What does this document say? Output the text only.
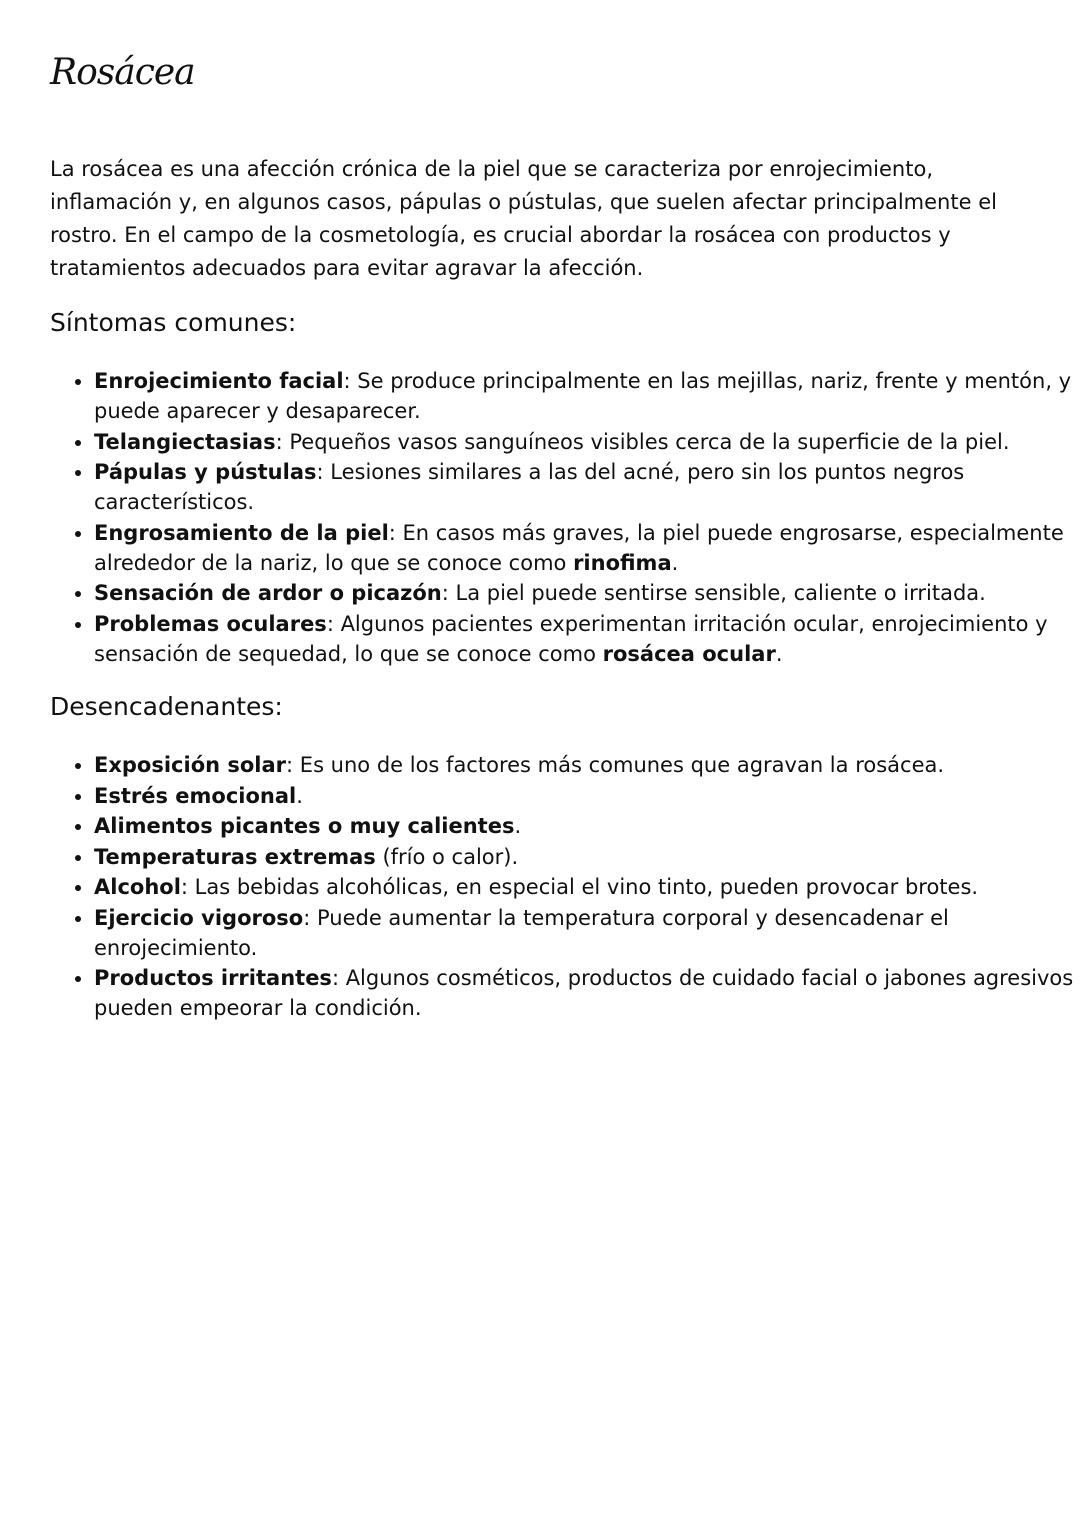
Rosácea

La rosácea es una afección crónica de la piel que se caracteriza por enrojecimiento, inflamación y, en algunos casos, pápulas o pústulas, que suelen afectar principalmente el rostro. En el campo de la cosmetología, es crucial abordar la rosácea con productos y tratamientos adecuados para evitar agravar la afección.

Síntomas comunes:
• Enrojecimiento facial: Se produce principalmente en las mejillas, nariz, frente y mentón, y puede aparecer y desaparecer.
• Telangiectasias: Pequeños vasos sanguíneos visibles cerca de la superficie de la piel.
• Pápulas y pústulas: Lesiones similares a las del acné, pero sin los puntos negros característicos.
• Engrosamiento de la piel: En casos más graves, la piel puede engrosarse, especialmente alrededor de la nariz, lo que se conoce como rinofima.
• Sensación de ardor o picazón: La piel puede sentirse sensible, caliente o irritada.
• Problemas oculares: Algunos pacientes experimentan irritación ocular, enrojecimiento y sensación de sequedad, lo que se conoce como rosácea ocular.
Desencadenantes:
• Exposición solar: Es uno de los factores más comunes que agravan la rosácea.
• Estrés emocional.
• Alimentos picantes o muy calientes.
• Temperaturas extremas (frío o calor).
• Alcohol: Las bebidas alcohólicas, en especial el vino tinto, pueden provocar brotes.
• Ejercicio vigoroso: Puede aumentar la temperatura corporal y desencadenar el enrojecimiento.
• Productos irritantes: Algunos cosméticos, productos de cuidado facial o jabones agresivos pueden empeorar la condición.
